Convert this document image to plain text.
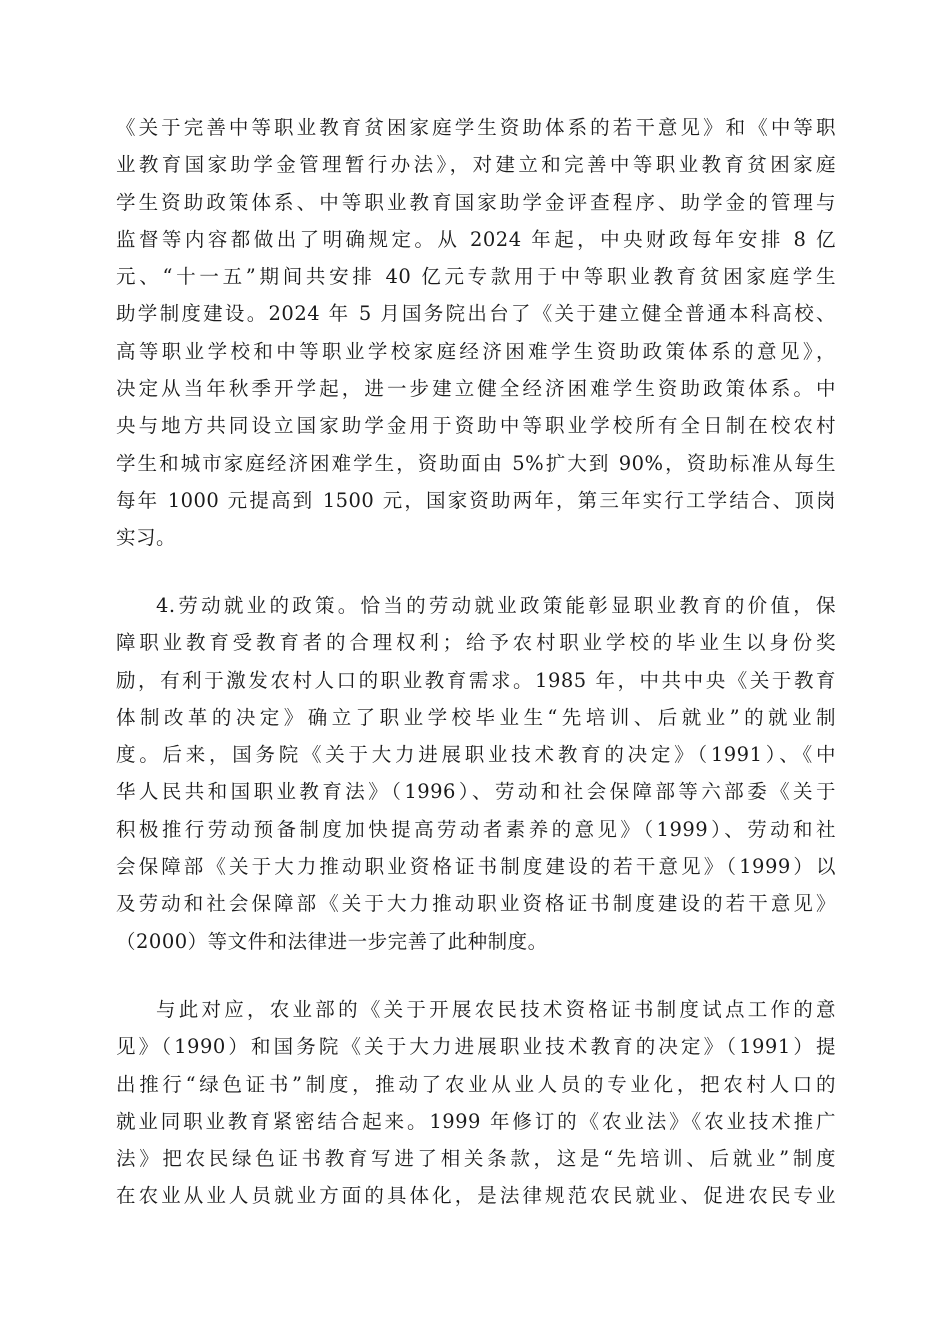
《关于完善中等职业教育贫困家庭学生资助体系的若干意见》和《中等职
业教育国家助学金管理暂行办法》，对建立和完善中等职业教育贫困家庭
学生资助政策体系、中等职业教育国家助学金评查程序、助学金的管理与
监督等内容都做出了明确规定。从 2024 年起，中央财政每年安排 8 亿
元、“十一五”期间共安排 40 亿元专款用于中等职业教育贫困家庭学生
助学制度建设。2024 年 5 月国务院出台了《关于建立健全普通本科高校、
高等职业学校和中等职业学校家庭经济困难学生资助政策体系的意见》，
决定从当年秋季开学起，进一步建立健全经济困难学生资助政策体系。中
央与地方共同设立国家助学金用于资助中等职业学校所有全日制在校农村
学生和城市家庭经济困难学生，资助面由 5%扩大到 90%，资助标准从每生
每年 1000 元提高到 1500 元，国家资助两年，第三年实行工学结合、顶岗
实习。
4.劳动就业的政策。恰当的劳动就业政策能彰显职业教育的价值，保
障职业教育受教育者的合理权利；给予农村职业学校的毕业生以身份奖
励，有利于激发农村人口的职业教育需求。1985 年，中共中央《关于教育
体制改革的决定》确立了职业学校毕业生“先培训、后就业”的就业制
度。后来，国务院《关于大力进展职业技术教育的决定》（1991）、《中
华人民共和国职业教育法》（1996）、劳动和社会保障部等六部委《关于
积极推行劳动预备制度加快提高劳动者素养的意见》（1999）、劳动和社
会保障部《关于大力推动职业资格证书制度建设的若干意见》（1999）以
及劳动和社会保障部《关于大力推动职业资格证书制度建设的若干意见》
（2000）等文件和法律进一步完善了此种制度。
与此对应，农业部的《关于开展农民技术资格证书制度试点工作的意
见》（1990）和国务院《关于大力进展职业技术教育的决定》（1991）提
出推行“绿色证书”制度，推动了农业从业人员的专业化，把农村人口的
就业同职业教育紧密结合起来。1999 年修订的《农业法》《农业技术推广
法》把农民绿色证书教育写进了相关条款，这是“先培训、后就业”制度
在农业从业人员就业方面的具体化，是法律规范农民就业、促进农民专业
